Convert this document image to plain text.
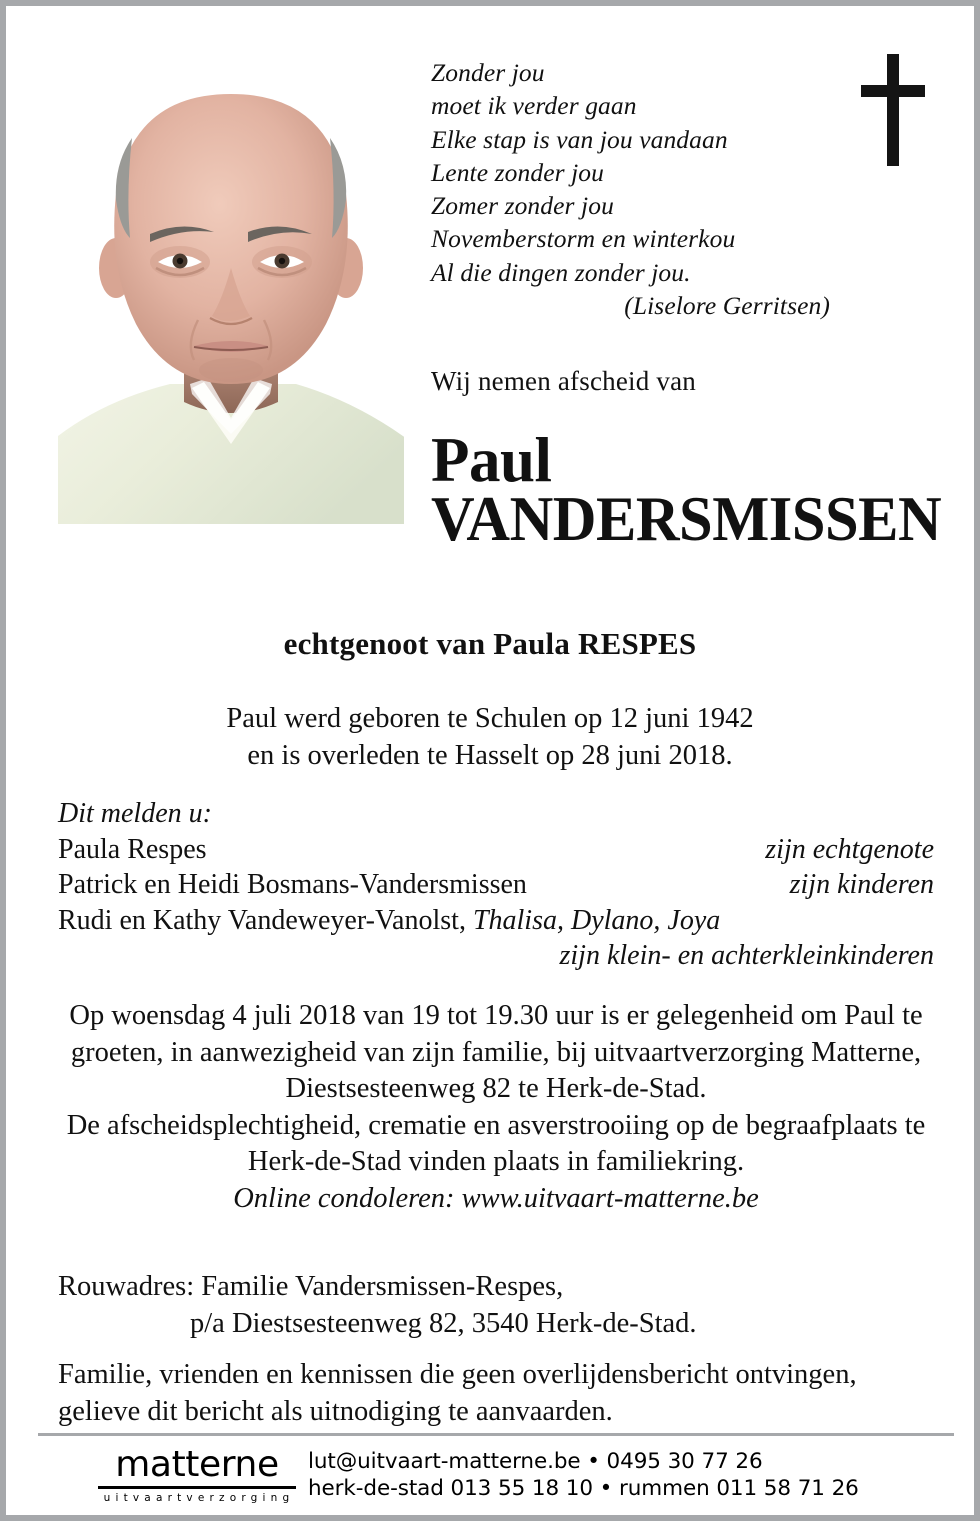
Zonder jou
moet ik verder gaan
Elke stap is van jou vandaan
Lente zonder jou
Zomer zonder jou
Novemberstorm en winterkou
Al die dingen zonder jou.
(Liselore Gerritsen)
Wij nemen afscheid van
Paul
VANDERSMISSEN
echtgenoot van Paula RESPES
Paul werd geboren te Schulen op 12 juni 1942
en is overleden te Hasselt op 28 juni 2018.
Dit melden u:
Paula Respes	zijn echtgenote
Patrick en Heidi Bosmans-Vandersmissen	zijn kinderen
Rudi en Kathy Vandeweyer-Vanolst, Thalisa, Dylano, Joya
zijn klein- en achterkleinkinderen
Op woensdag 4 juli 2018 van 19 tot 19.30 uur is er gelegenheid om Paul te groeten, in aanwezigheid van zijn familie, bij uitvaartverzorging Matterne, Diestsesteenweg 82 te Herk-de-Stad.
De afscheidsplechtigheid, crematie en asverstrooiing op de begraafplaats te Herk-de-Stad vinden plaats in familiekring.
Online condoleren: www.uitvaart-matterne.be
Rouwadres: Familie Vandersmissen-Respes,
p/a Diestsesteenweg 82, 3540 Herk-de-Stad.
Familie, vrienden en kennissen die geen overlijdensbericht ontvingen, gelieve dit bericht als uitnodiging te aanvaarden.
matterne
uitvaartverzorging
lut@uitvaart-matterne.be • 0495 30 77 26
herk-de-stad 013 55 18 10 • rummen 011 58 71 26
